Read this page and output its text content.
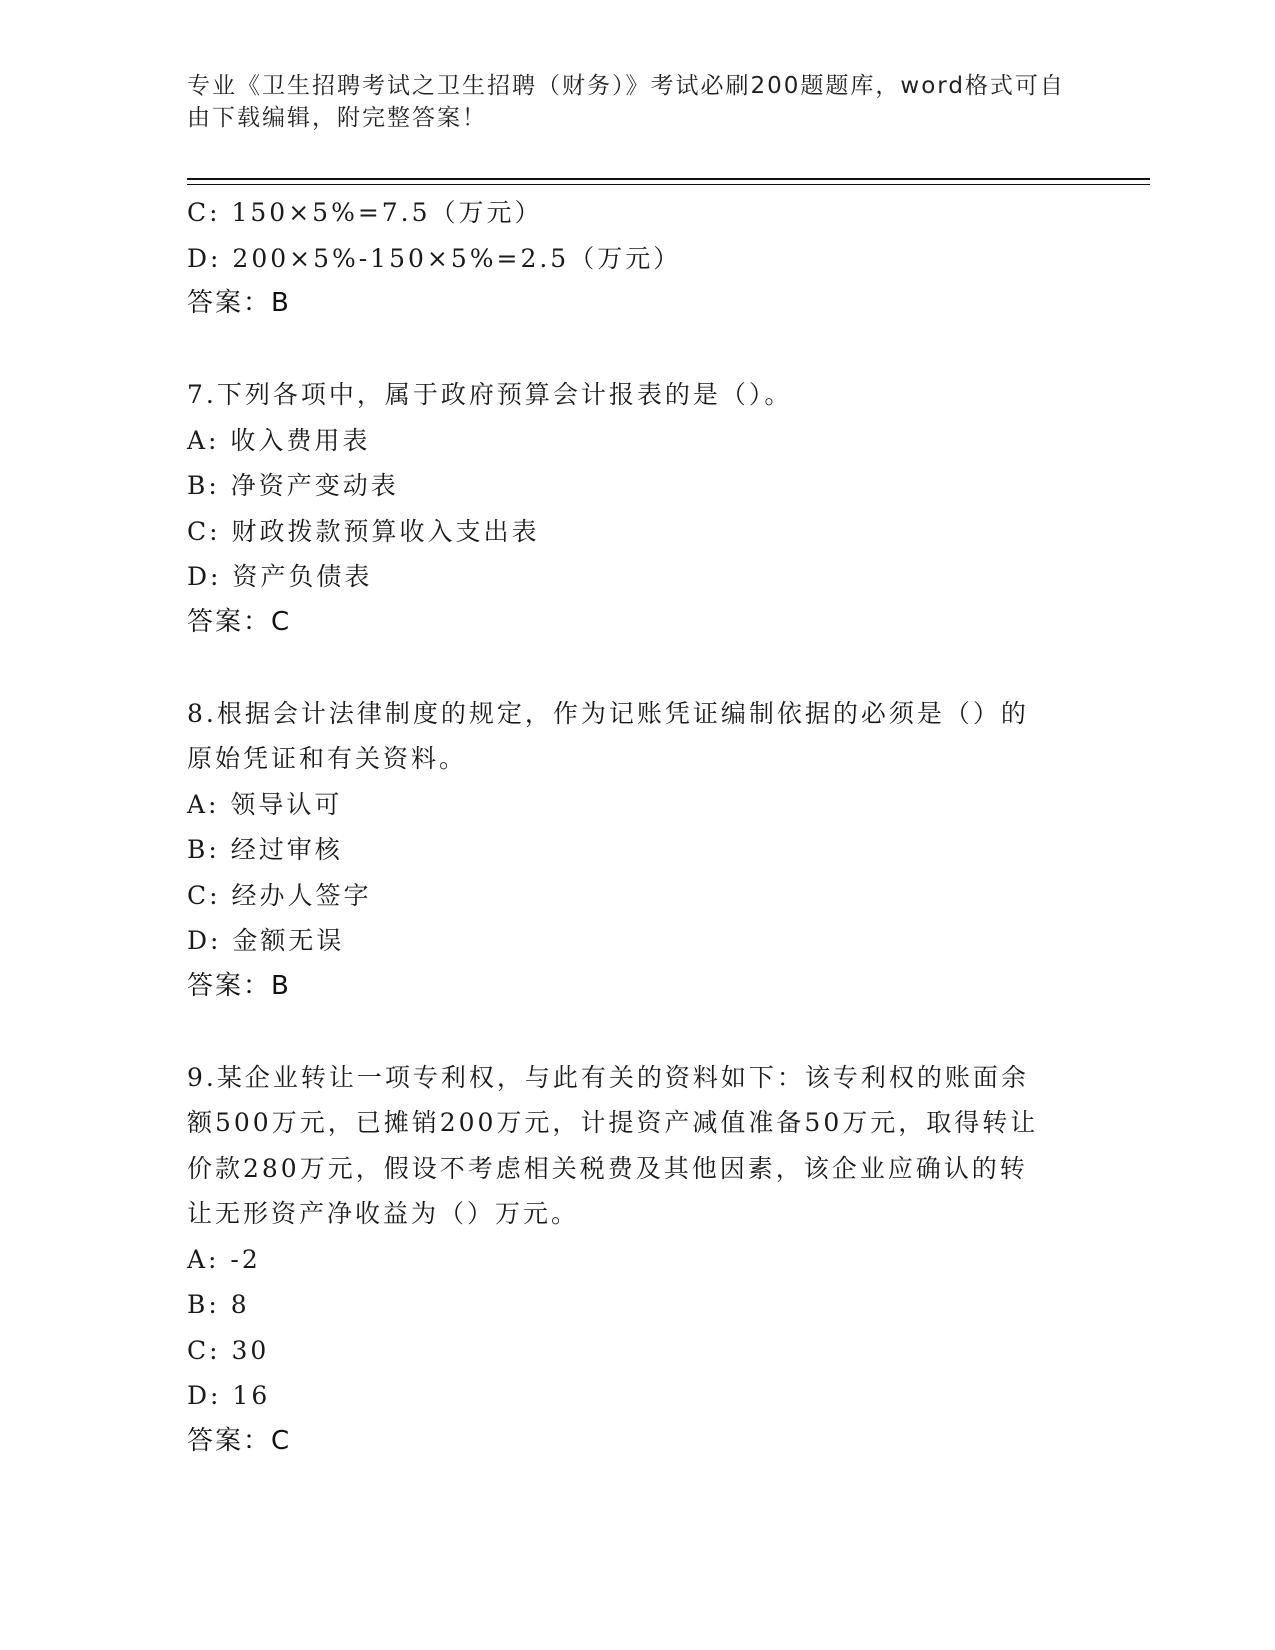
专业《卫生招聘考试之卫生招聘（财务）》考试必刷200题题库，word格式可自
由下载编辑，附完整答案！
C: 150×5%=7.5（万元）
D: 200×5%-150×5%=2.5（万元）
答案：B
7.下列各项中，属于政府预算会计报表的是（）。
A: 收入费用表
B: 净资产变动表
C: 财政拨款预算收入支出表
D: 资产负债表
答案：C
8.根据会计法律制度的规定，作为记账凭证编制依据的必须是（）的
原始凭证和有关资料。
A: 领导认可
B: 经过审核
C: 经办人签字
D: 金额无误
答案：B
9.某企业转让一项专利权，与此有关的资料如下：该专利权的账面余
额500万元，已摊销200万元，计提资产减值准备50万元，取得转让
价款280万元，假设不考虑相关税费及其他因素，该企业应确认的转
让无形资产净收益为（）万元。
A: -2
B: 8
C: 30
D: 16
答案：C
